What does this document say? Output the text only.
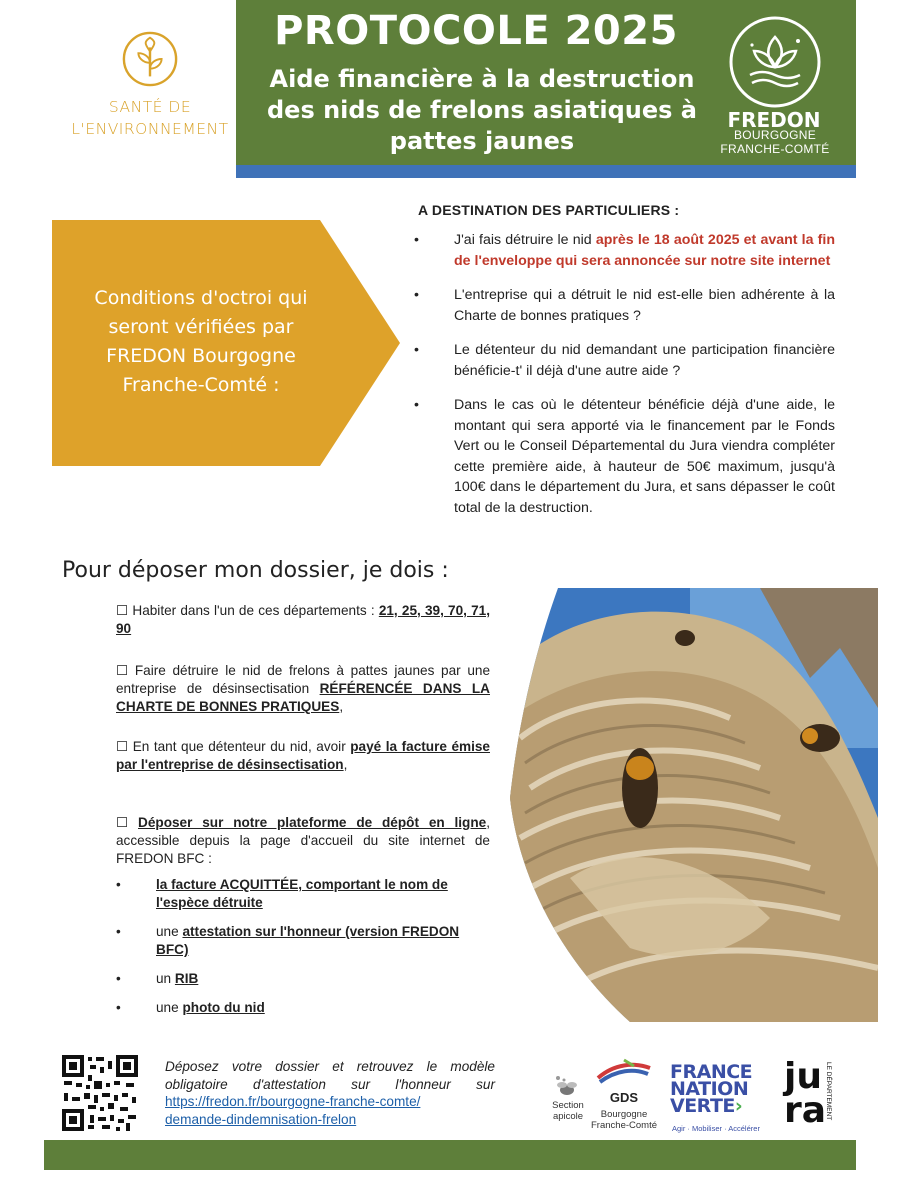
SANTÉ DE
L'ENVIRONNEMENT
PROTOCOLE 2025
Aide financière à la destruction des nids de frelons asiatiques à pattes jaunes
FREDON
BOURGOGNE
FRANCHE-COMTÉ
Conditions d'octroi qui seront vérifiées par FREDON Bourgogne Franche-Comté :
A DESTINATION DES PARTICULIERS :
• J'ai fais détruire le nid après le 18 août 2025 et avant la fin de l'enveloppe qui sera annoncée sur notre site internet
• L'entreprise qui a détruit le nid est-elle bien adhérente à la Charte de bonnes pratiques ?
• Le détenteur du nid demandant une participation financière bénéficie-t' il déjà d'une autre aide ?
• Dans le cas où le détenteur bénéficie déjà d'une aide, le montant qui sera apporté via le financement par le Fonds Vert ou le Conseil Départemental du Jura viendra compléter cette première aide, à hauteur de 50€ maximum, jusqu'à 100€ dans le département du Jura, et sans dépasser le coût total de la destruction.
Pour déposer mon dossier, je dois :
☐ Habiter dans l'un de ces départements : 21, 25, 39, 70, 71, 90
☐ Faire détruire le nid de frelons à pattes jaunes par une entreprise de désinsectisation RÉFÉRENCÉE DANS LA CHARTE DE BONNES PRATIQUES,
☐ En tant que détenteur du nid, avoir payé la facture émise par l'entreprise de désinsectisation,
☐ Déposer sur notre plateforme de dépôt en ligne, accessible depuis la page d'accueil du site internet de FREDON BFC :
•	la facture ACQUITTÉE, comportant le nom de l'espèce détruite
•	une attestation sur l'honneur (version FREDON BFC)
•	un RIB
•	une photo du nid
Déposez votre dossier et retrouvez le modèle obligatoire d'attestation sur l'honneur sur https://fredon.fr/bourgogne-franche-comte/
demande-dindemnisation-frelon
Section
apicole
GDS
Bourgogne
Franche-Comté
FRANCE
NATION
VERTE›
Agir · Mobiliser · Accélérer
ju
ra
LE DÉPARTEMENT
